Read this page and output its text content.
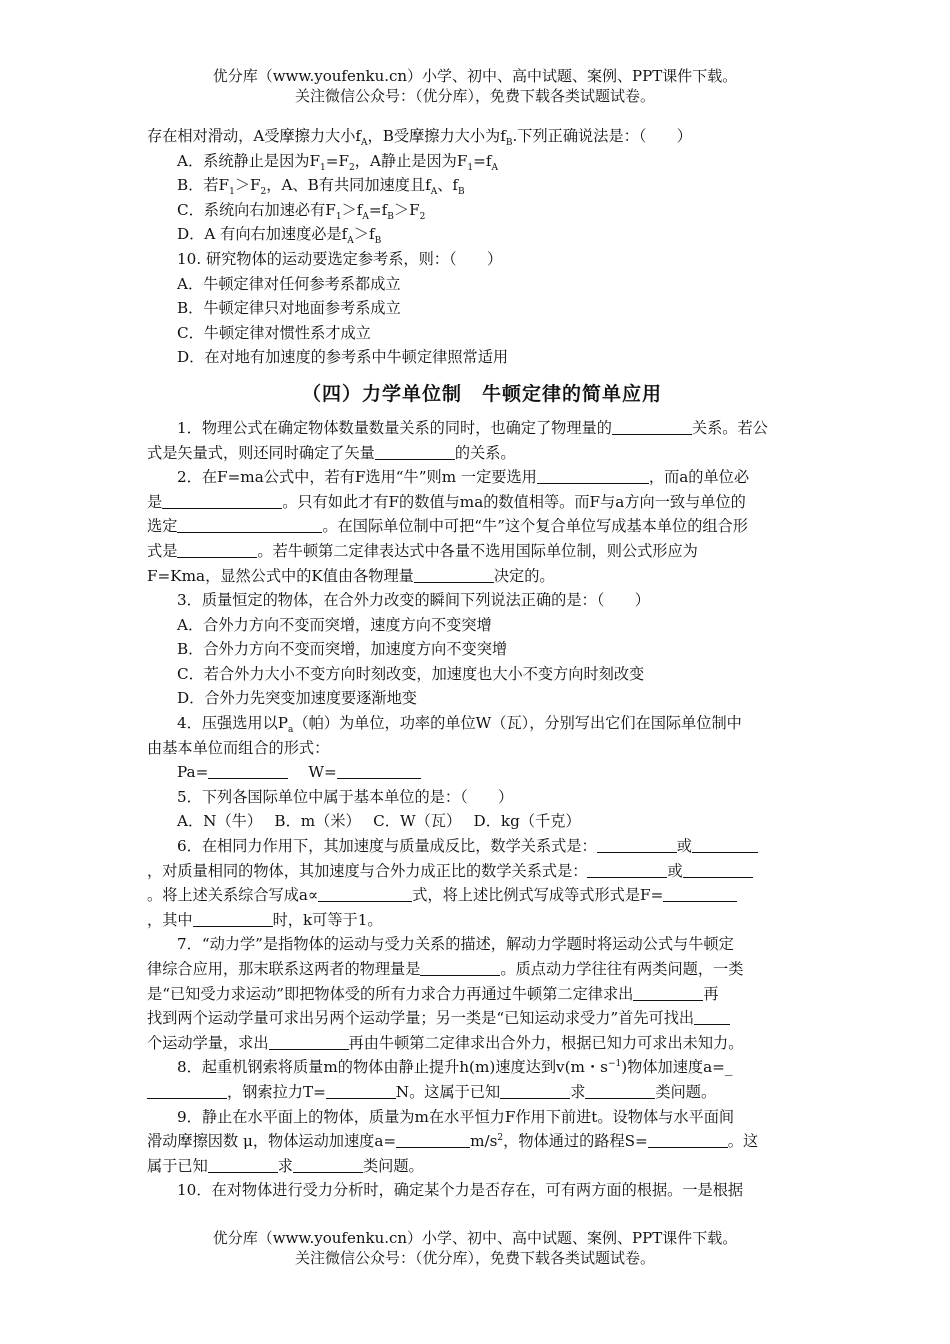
优分库（www.youfenku.cn）小学、初中、高中试题、案例、PPT课件下载。
关注微信公众号：（优分库），免费下载各类试题试卷。

存在相对滑动，A受摩擦力大小$f_A$，B受摩擦力大小为$f_B$.下列正确说法是：（　　）

A．系统静止是因为$F_1=F_2$，A静止是因为$F_1=f_A$

B．若$F_1>F_2$，A、B有共同加速度且$f_A$、$f_B$

C．系统向右加速必有$F_1>f_A=f_B>F_2$

D．A 有向右加速度必是$f_A>f_B$

10. 研究物体的运动要选定参考系，则：（　　）

A．牛顿定律对任何参考系都成立

B．牛顿定律只对地面参考系成立

C．牛顿定律对惯性系才成立

D．在对地有加速度的参考系中牛顿定律照常适用

（四）力学单位制　牛顿定律的简单应用

1．物理公式在确定物体数量数量关系的同时，也确定了物理量的	关系。若公

式是矢量式，则还同时确定了矢量	的关系。

2．在F=ma公式中，若有F选用“牛”则m 一定要选用	，而a的单位必

是	。只有如此才有F的数值与ma的数值相等。而F与a方向一致与单位的

选定	。在国际单位制中可把“牛”这个复合单位写成基本单位的组合形

式是	。若牛顿第二定律表达式中各量不选用国际单位制，则公式形应为

F=Kma，显然公式中的K值由各物理量	决定的。

3．质量恒定的物体，在合外力改变的瞬间下列说法正确的是：（　　）

A．合外力方向不变而突增，速度方向不变突增

B．合外力方向不变而突增，加速度方向不变突增

C．若合外力大小不变方向时刻改变，加速度也大小不变方向时刻改变

D．合外力先突变加速度要逐渐地变

4．压强选用以$P_a$（帕）为单位，功率的单位W（瓦），分别写出它们在国际单位制中

由基本单位而组合的形式：

Pa=	　 W=

5．下列各国际单位中属于基本单位的是：（　　）

A．N（牛）　 B．m（米）　 C．W（瓦）　 D．kg（千克）

6．在相同力作用下，其加速度与质量成反比，数学关系式是：	或

，对质量相同的物体，其加速度与合外力成正比的数学关系式是：	或

。将上述关系综合写成a∝	式，将上述比例式写成等式形式是F=

，其中	时，k可等于1。

7．“动力学”是指物体的运动与受力关系的描述，解动力学题时将运动公式与牛顿定

律综合应用，那末联系这两者的物理量是	。质点动力学往往有两类问题，一类

是“已知受力求运动”即把物体受的所有力求合力再通过牛顿第二定律求出	再

找到两个运动学量可求出另两个运动学量；另一类是“已知运动求受力”首先可找出

个运动学量，求出	再由牛顿第二定律求出合外力，根据已知力可求出未知力。

8．起重机钢索将质量m的物体由静止提升h(m)速度达到v(m・$s^{-1}$)物体加速度a=_

，钢索拉力T=	N。这属于已知	求	类问题。

9．静止在水平面上的物体，质量为m在水平恒力F作用下前进t。设物体与水平面间

滑动摩擦因数 μ，物体运动加速度a=	$m/s^2$，物体通过的路程S=	。这

属于已知	求	类问题。

10．在对物体进行受力分析时，确定某个力是否存在，可有两方面的根据。一是根据

优分库（www.youfenku.cn）小学、初中、高中试题、案例、PPT课件下载。
关注微信公众号：（优分库），免费下载各类试题试卷。
